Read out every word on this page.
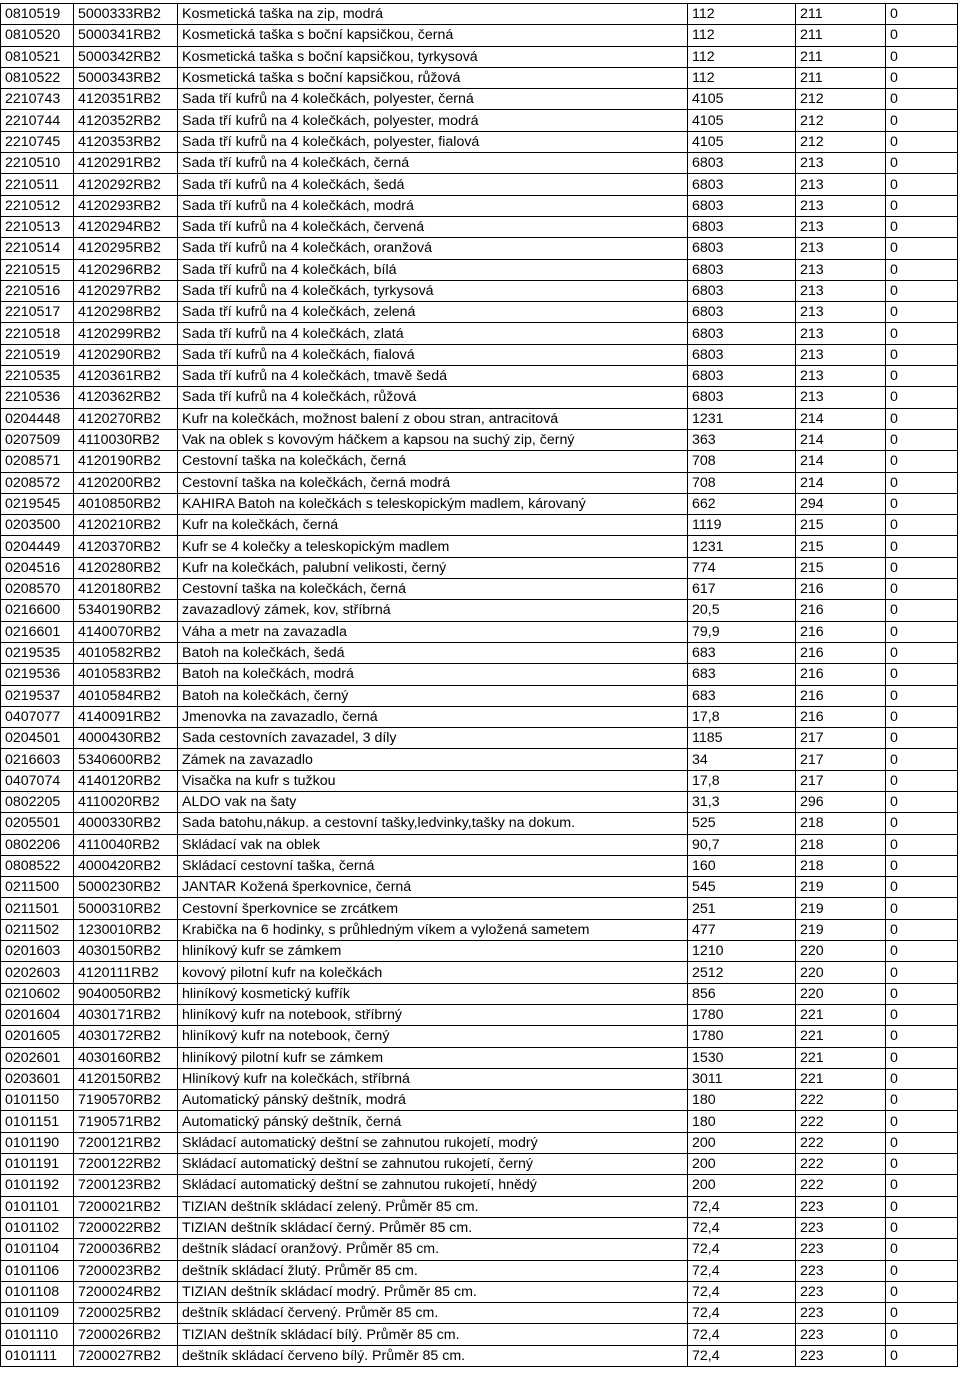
0810519	5000333RB2	Kosmetická taška na zip, modrá	112	211	0
0810520	5000341RB2	Kosmetická taška s boční kapsičkou, černá	112	211	0
0810521	5000342RB2	Kosmetická taška s boční kapsičkou, tyrkysová	112	211	0
0810522	5000343RB2	Kosmetická taška s boční kapsičkou, růžová	112	211	0
2210743	4120351RB2	Sada tří kufrů na 4 kolečkách, polyester, černá	4105	212	0
2210744	4120352RB2	Sada tří kufrů na 4 kolečkách, polyester, modrá	4105	212	0
2210745	4120353RB2	Sada tří kufrů na 4 kolečkách, polyester, fialová	4105	212	0
2210510	4120291RB2	Sada tří kufrů na 4 kolečkách, černá	6803	213	0
2210511	4120292RB2	Sada tří kufrů na 4 kolečkách, šedá	6803	213	0
2210512	4120293RB2	Sada tří kufrů na 4 kolečkách, modrá	6803	213	0
2210513	4120294RB2	Sada tří kufrů na 4 kolečkách, červená	6803	213	0
2210514	4120295RB2	Sada tří kufrů na 4 kolečkách, oranžová	6803	213	0
2210515	4120296RB2	Sada tří kufrů na 4 kolečkách, bílá	6803	213	0
2210516	4120297RB2	Sada tří kufrů na 4 kolečkách, tyrkysová	6803	213	0
2210517	4120298RB2	Sada tří kufrů na 4 kolečkách, zelená	6803	213	0
2210518	4120299RB2	Sada tří kufrů na 4 kolečkách, zlatá	6803	213	0
2210519	4120290RB2	Sada tří kufrů na 4 kolečkách, fialová	6803	213	0
2210535	4120361RB2	Sada tří kufrů na 4 kolečkách, tmavě šedá	6803	213	0
2210536	4120362RB2	Sada tří kufrů na 4 kolečkách, růžová	6803	213	0
0204448	4120270RB2	Kufr na kolečkách, možnost balení z obou stran, antracitová	1231	214	0
0207509	4110030RB2	Vak na oblek s kovovým háčkem a kapsou na suchý zip, černý	363	214	0
0208571	4120190RB2	Cestovní taška na kolečkách, černá	708	214	0
0208572	4120200RB2	Cestovní taška na kolečkách, černá modrá	708	214	0
0219545	4010850RB2	KAHIRA Batoh na kolečkách s teleskopickým madlem, károvaný	662	294	0
0203500	4120210RB2	Kufr na kolečkách, černá	1119	215	0
0204449	4120370RB2	Kufr se 4 kolečky a teleskopickým madlem	1231	215	0
0204516	4120280RB2	Kufr na kolečkách, palubní velikosti, černý	774	215	0
0208570	4120180RB2	Cestovní taška na kolečkách, černá	617	216	0
0216600	5340190RB2	zavazadlový zámek, kov, stříbrná	20,5	216	0
0216601	4140070RB2	Váha a metr na zavazadla	79,9	216	0
0219535	4010582RB2	Batoh na kolečkách, šedá	683	216	0
0219536	4010583RB2	Batoh na kolečkách, modrá	683	216	0
0219537	4010584RB2	Batoh na kolečkách, černý	683	216	0
0407077	4140091RB2	Jmenovka na zavazadlo, černá	17,8	216	0
0204501	4000430RB2	Sada cestovních zavazadel, 3 díly	1185	217	0
0216603	5340600RB2	Zámek na zavazadlo	34	217	0
0407074	4140120RB2	Visačka na kufr s tužkou	17,8	217	0
0802205	4110020RB2	ALDO vak na šaty	31,3	296	0
0205501	4000330RB2	Sada batohu,nákup. a cestovní tašky,ledvinky,tašky na dokum.	525	218	0
0802206	4110040RB2	Skládací vak na oblek	90,7	218	0
0808522	4000420RB2	Skládací cestovní taška, černá	160	218	0
0211500	5000230RB2	JANTAR Kožená šperkovnice, černá	545	219	0
0211501	5000310RB2	Cestovní šperkovnice se zrcátkem	251	219	0
0211502	1230010RB2	Krabička na 6 hodinky, s průhledným víkem a vyložená sametem	477	219	0
0201603	4030150RB2	hliníkový kufr se zámkem	1210	220	0
0202603	4120111RB2	kovový pilotní kufr na kolečkách	2512	220	0
0210602	9040050RB2	hliníkový kosmetický kufřík	856	220	0
0201604	4030171RB2	hliníkový kufr na notebook, stříbrný	1780	221	0
0201605	4030172RB2	hliníkový kufr na notebook, černý	1780	221	0
0202601	4030160RB2	hliníkový pilotní kufr se zámkem	1530	221	0
0203601	4120150RB2	Hliníkový kufr na kolečkách, stříbrná	3011	221	0
0101150	7190570RB2	Automatický pánský deštník, modrá	180	222	0
0101151	7190571RB2	Automatický pánský deštník, černá	180	222	0
0101190	7200121RB2	Skládací automatický deštní se zahnutou rukojetí, modrý	200	222	0
0101191	7200122RB2	Skládací automatický deštní se zahnutou rukojetí, černý	200	222	0
0101192	7200123RB2	Skládací automatický deštní se zahnutou rukojetí, hnědý	200	222	0
0101101	7200021RB2	TIZIAN deštník skládací zelený. Průměr 85 cm.	72,4	223	0
0101102	7200022RB2	TIZIAN deštník skládací černý. Průměr 85 cm.	72,4	223	0
0101104	7200036RB2	deštník sládací oranžový. Průměr 85 cm.	72,4	223	0
0101106	7200023RB2	deštník skládací žlutý. Průměr 85 cm.	72,4	223	0
0101108	7200024RB2	TIZIAN deštník skládací modrý. Průměr 85 cm.	72,4	223	0
0101109	7200025RB2	deštník skládací červený. Průměr 85 cm.	72,4	223	0
0101110	7200026RB2	TIZIAN deštník skládací bílý. Průměr 85 cm.	72,4	223	0
0101111	7200027RB2	deštník skládací červeno bílý. Průměr 85 cm.	72,4	223	0
